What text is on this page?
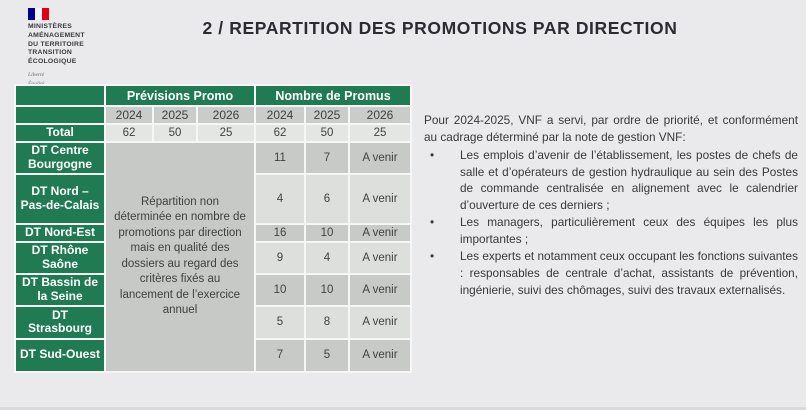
MINISTÈRES
AMÉNAGEMENT
DU TERRITOIRE
TRANSITION
ÉCOLOGIQUE
Liberté
2 / REPARTITION DES PROMOTIONS PAR DIRECTION
	Prévisions Promo			Nombre de Promus		
	2024	2025	2026	2024	2025	2026
Total	62	50	25	62	50	25
DT Centre Bourgogne	Répartition non déterminée en nombre de promotions par direction mais en qualité des dossiers au regard des critères fixés au lancement de l’exercice annuel			11	7	A venir
DT Nord – Pas-de-Calais				4	6	A venir
DT Nord-Est				16	10	A venir
DT Rhône Saône				9	4	A venir
DT Bassin de la Seine				10	10	A venir
DT Strasbourg				5	8	A venir
DT Sud-Ouest				7	5	A venir

Pour 2024-2025, VNF a servi, par ordre de priorité, et conformément au cadrage déterminé par la note de gestion VNF:

• Les emplois d’avenir de l’établissement, les postes de chefs de salle et d’opérateurs de gestion hydraulique au sein des Postes de commande centralisée en alignement avec le calendrier d’ouverture de ces derniers ;
• Les managers, particulièrement ceux des équipes les plus importantes ;
• Les experts et notamment ceux occupant les fonctions suivantes : responsables de centrale d’achat, assistants de prévention, ingénierie, suivi des chômages, suivi des travaux externalisés.
